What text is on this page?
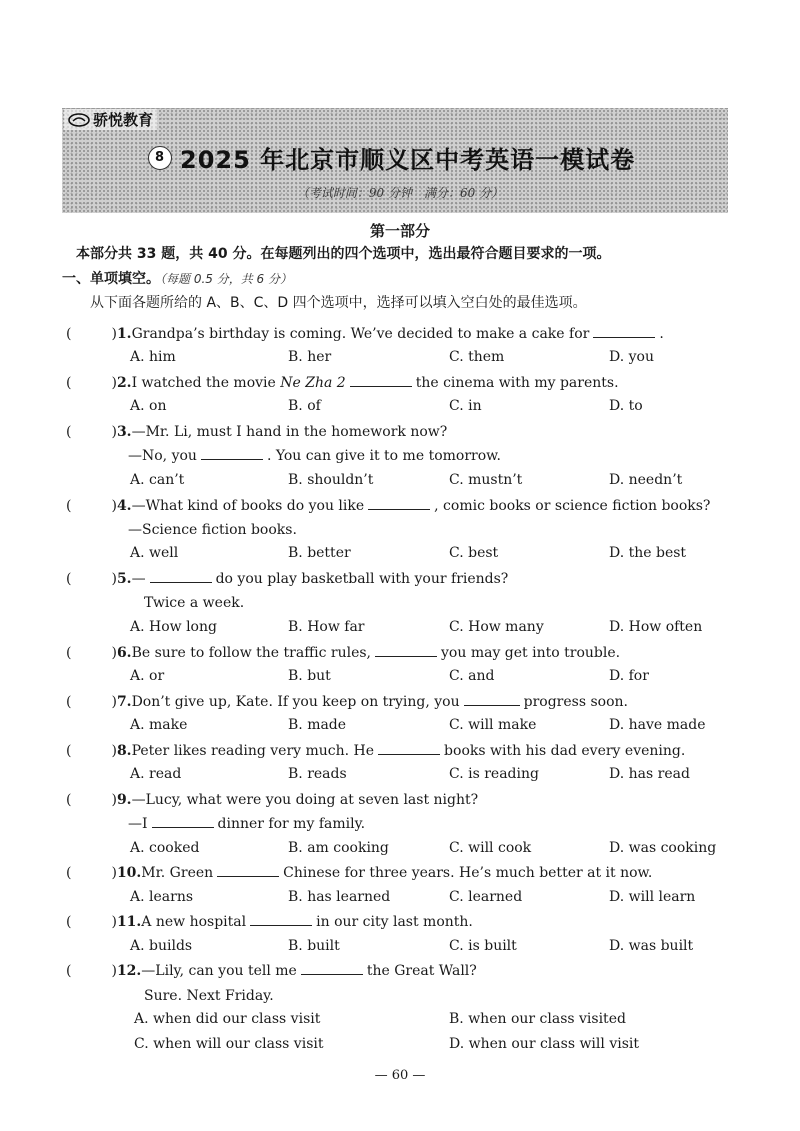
骄悦教育
8 2025 年北京市顺义区中考英语一模试卷
（考试时间：90 分钟　满分：60 分）
第一部分
本部分共 33 题，共 40 分。在每题列出的四个选项中，选出最符合题目要求的一项。
一、单项填空。（每题 0.5 分，共 6 分）
从下面各题所给的 A、B、C、D 四个选项中，选择可以填入空白处的最佳选项。
(	)1.Grandpa’s birthday is coming. We’ve decided to make a cake for	.
A. him	B. her	C. them	D. you
(	)2.I watched the movie Ne Zha 2	the cinema with my parents.
A. on	B. of	C. in	D. to
(	)3.—Mr. Li, must I hand in the homework now?
—No, you	. You can give it to me tomorrow.
A. can’t	B. shouldn’t	C. mustn’t	D. needn’t
(	)4.—What kind of books do you like	, comic books or science fiction books?
—Science fiction books.
A. well	B. better	C. best	D. the best
(	)5.—	do you play basketball with your friends?
Twice a week.
A. How long	B. How far	C. How many	D. How often
(	)6.Be sure to follow the traffic rules,	you may get into trouble.
A. or	B. but	C. and	D. for
(	)7.Don’t give up, Kate. If you keep on trying, you	progress soon.
A. make	B. made	C. will make	D. have made
(	)8.Peter likes reading very much. He	books with his dad every evening.
A. read	B. reads	C. is reading	D. has read
(	)9.—Lucy, what were you doing at seven last night?
—I	dinner for my family.
A. cooked	B. am cooking	C. will cook	D. was cooking
(	)10.Mr. Green	Chinese for three years. He’s much better at it now.
A. learns	B. has learned	C. learned	D. will learn
(	)11.A new hospital	in our city last month.
A. builds	B. built	C. is built	D. was built
(	)12.—Lily, can you tell me	the Great Wall?
Sure. Next Friday.
A. when did our class visit	B. when our class visited
C. when will our class visit	D. when our class will visit
— 60 —
